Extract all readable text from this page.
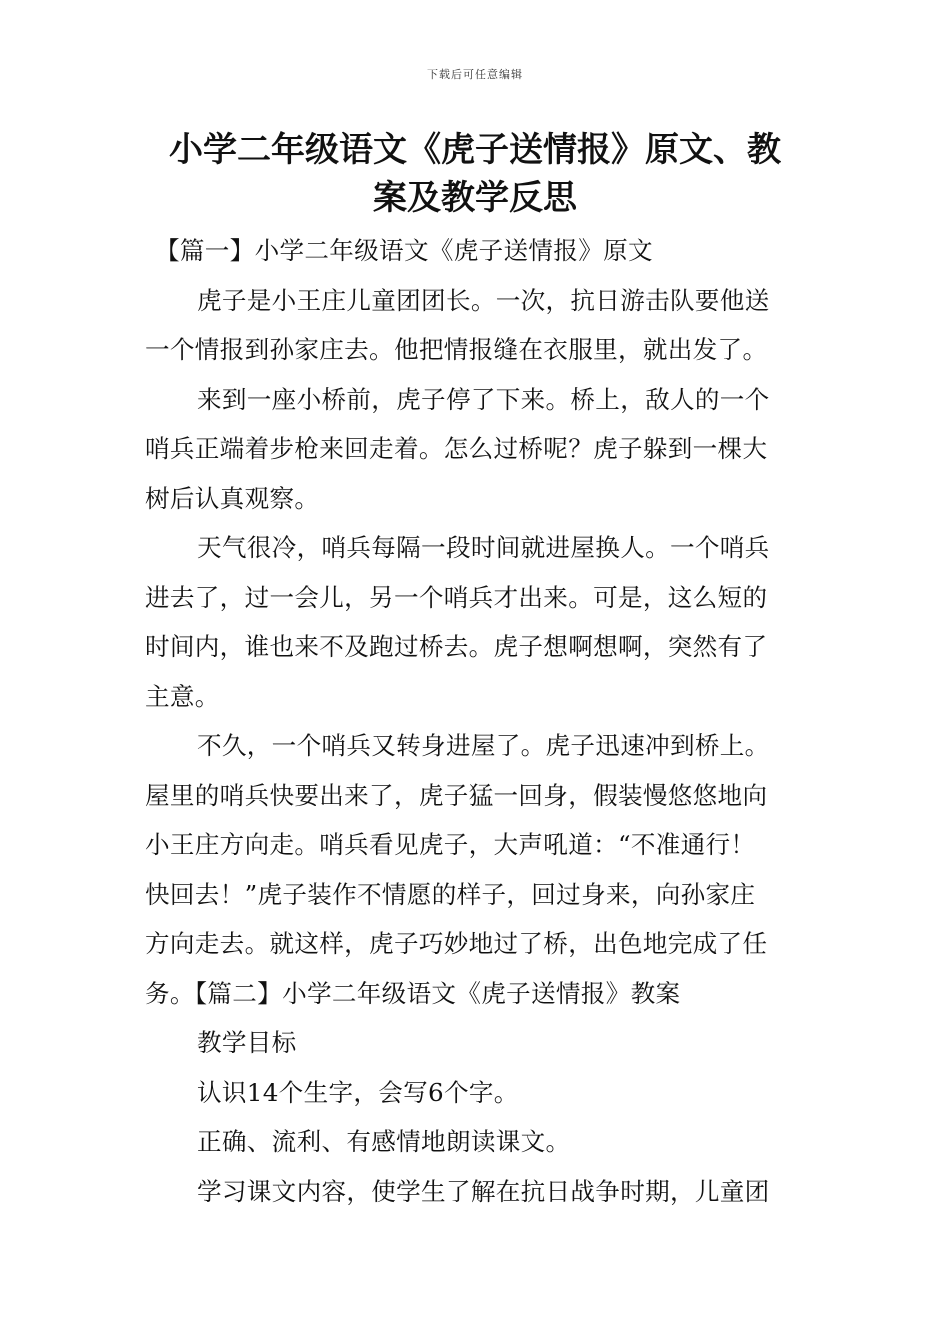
下载后可任意编辑
小学二年级语文《虎子送情报》原文、教
案及教学反思
【篇一】小学二年级语文《虎子送情报》原文
虎子是小王庄儿童团团长。一次，抗日游击队要他送
一个情报到孙家庄去。他把情报缝在衣服里，就出发了。
来到一座小桥前，虎子停了下来。桥上，敌人的一个
哨兵正端着步枪来回走着。怎么过桥呢？虎子躲到一棵大
树后认真观察。
天气很冷，哨兵每隔一段时间就进屋换人。一个哨兵
进去了，过一会儿，另一个哨兵才出来。可是，这么短的
时间内，谁也来不及跑过桥去。虎子想啊想啊，突然有了
主意。
不久，一个哨兵又转身进屋了。虎子迅速冲到桥上。
屋里的哨兵快要出来了，虎子猛一回身，假装慢悠悠地向
小王庄方向走。哨兵看见虎子，大声吼道：“不准通行！
快回去！”虎子装作不情愿的样子，回过身来，向孙家庄
方向走去。就这样，虎子巧妙地过了桥，出色地完成了任
务。【篇二】小学二年级语文《虎子送情报》教案
教学目标
认识14个生字，会写6个字。
正确、流利、有感情地朗读课文。
学习课文内容，使学生了解在抗日战争时期，儿童团
